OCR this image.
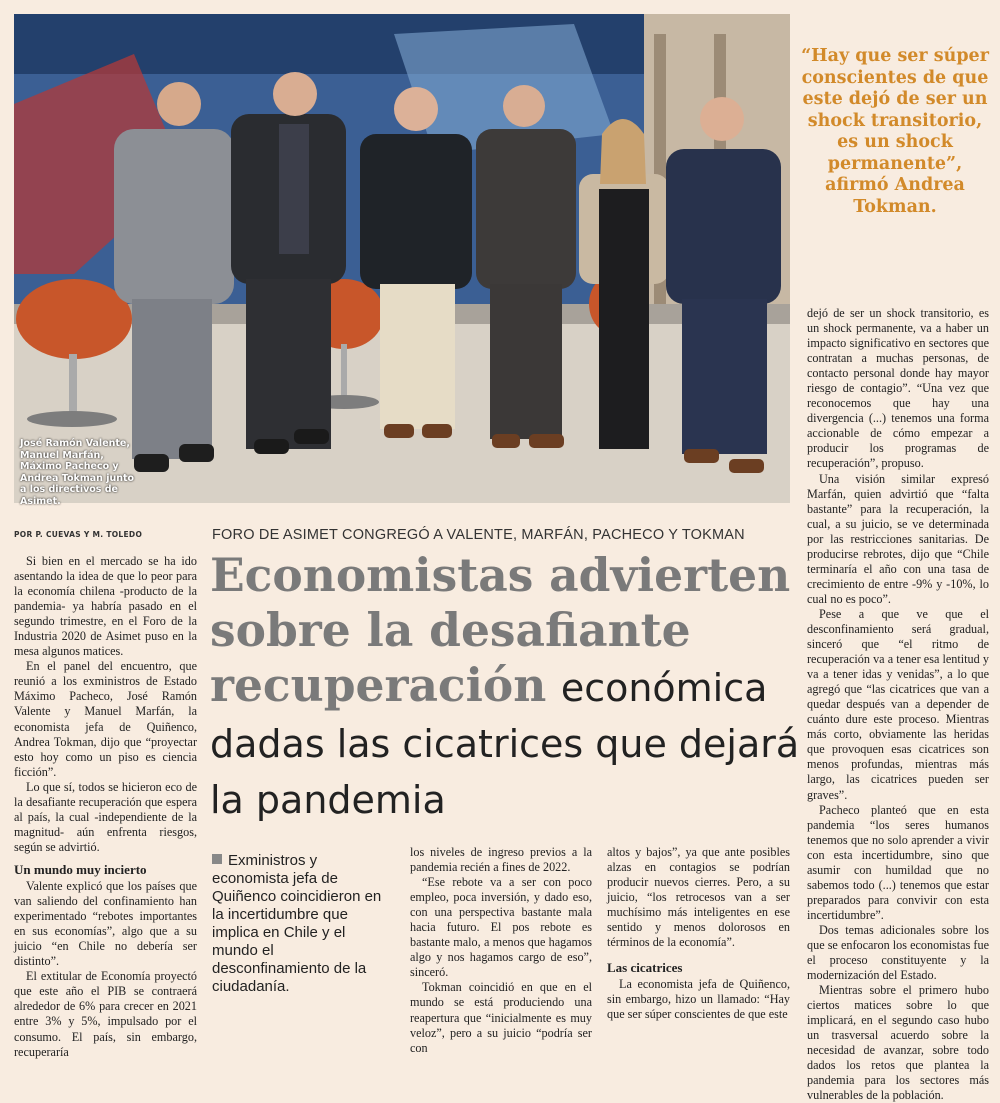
José Ramón Valente, Manuel Marfán, Máximo Pacheco y Andrea Tokman junto a los directivos de Asimet.
“Hay que ser súper conscientes de que este dejó de ser un shock transitorio, es un shock permanente”, afirmó Andrea Tokman.
POR P. CUEVAS Y M. TOLEDO	FORO DE ASIMET CONGREGÓ A VALENTE, MARFÁN, PACHECO Y TOKMAN
Economistas advierten sobre la desafiante recuperación económica dadas las cicatrices que dejará la pandemia

Si bien en el mercado se ha ido asentando la idea de que lo peor para la economía chilena -producto de la pandemia- ya habría pasado en el segundo trimestre, en el Foro de la Industria 2020 de Asimet puso en la mesa algunos matices.

En el panel del encuentro, que reunió a los exministros de Estado Máximo Pacheco, José Ramón Valente y Manuel Marfán, la economista jefa de Quiñenco, Andrea Tokman, dijo que “proyectar esto hoy como un piso es ciencia ficción”.

Lo que sí, todos se hicieron eco de la desafiante recuperación que espera al país, la cual -independiente de la magnitud- aún enfrenta riesgos, según se advirtió.

Un mundo muy incierto

Valente explicó que los países que van saliendo del confinamiento han experimentado “rebotes importantes en sus economías”, algo que a su juicio “en Chile no debería ser distinto”.

El extitular de Economía proyectó que este año el PIB se contraerá alrededor de 6% para crecer en 2021 entre 3% y 5%, impulsado por el consumo. El país, sin embargo, recuperaría

Exministros y economista jefa de Quiñenco coincidieron en la incertidumbre que implica en Chile y el mundo el desconfinamiento de la ciudadanía.

los niveles de ingreso previos a la pandemia recién a fines de 2022.

“Ese rebote va a ser con poco empleo, poca inversión, y dado eso, con una perspectiva bastante mala hacia futuro. El pos rebote es bastante malo, a menos que hagamos algo y nos hagamos cargo de eso”, sinceró.

Tokman coincidió en que en el mundo se está produciendo una reapertura que “inicialmente es muy veloz”, pero a su juicio “podría ser con

altos y bajos”, ya que ante posibles alzas en contagios se podrían producir nuevos cierres. Pero, a su juicio, “los retrocesos van a ser muchísimo más inteligentes en ese sentido y menos dolorosos en términos de la economía”.

Las cicatrices

La economista jefa de Quiñenco, sin embargo, hizo un llamado: “Hay que ser súper conscientes de que este

dejó de ser un shock transitorio, es un shock permanente, va a haber un impacto significativo en sectores que contratan a muchas personas, de contacto personal donde hay mayor riesgo de contagio”. “Una vez que reconocemos que hay una divergencia (...) tenemos una forma accionable de cómo empezar a producir los programas de recuperación”, propuso.

Una visión similar expresó Marfán, quien advirtió que “falta bastante” para la recuperación, la cual, a su juicio, se ve determinada por las restricciones sanitarias. De producirse rebrotes, dijo que “Chile terminaría el año con una tasa de crecimiento de entre -9% y -10%, lo cual no es poco”.

Pese a que ve que el desconfinamiento será gradual, sinceró que “el ritmo de recuperación va a tener esa lentitud y va a tener idas y venidas”, a lo que agregó que “las cicatrices que van a quedar después van a depender de cuánto dure este proceso. Mientras más corto, obviamente las heridas que provoquen esas cicatrices son menos profundas, mientras más largo, las cicatrices pueden ser graves”.

Pacheco planteó que en esta pandemia “los seres humanos tenemos que no solo aprender a vivir con esta incertidumbre, sino que asumir con humildad que no sabemos todo (...) tenemos que estar preparados para convivir con esta incertidumbre”.

Dos temas adicionales sobre los que se enfocaron los economistas fue el proceso constituyente y la modernización del Estado.

Mientras sobre el primero hubo ciertos matices sobre lo que implicará, en el segundo caso hubo un trasversal acuerdo sobre la necesidad de avanzar, sobre todo dados los retos que plantea la pandemia para los sectores más vulnerables de la población.
